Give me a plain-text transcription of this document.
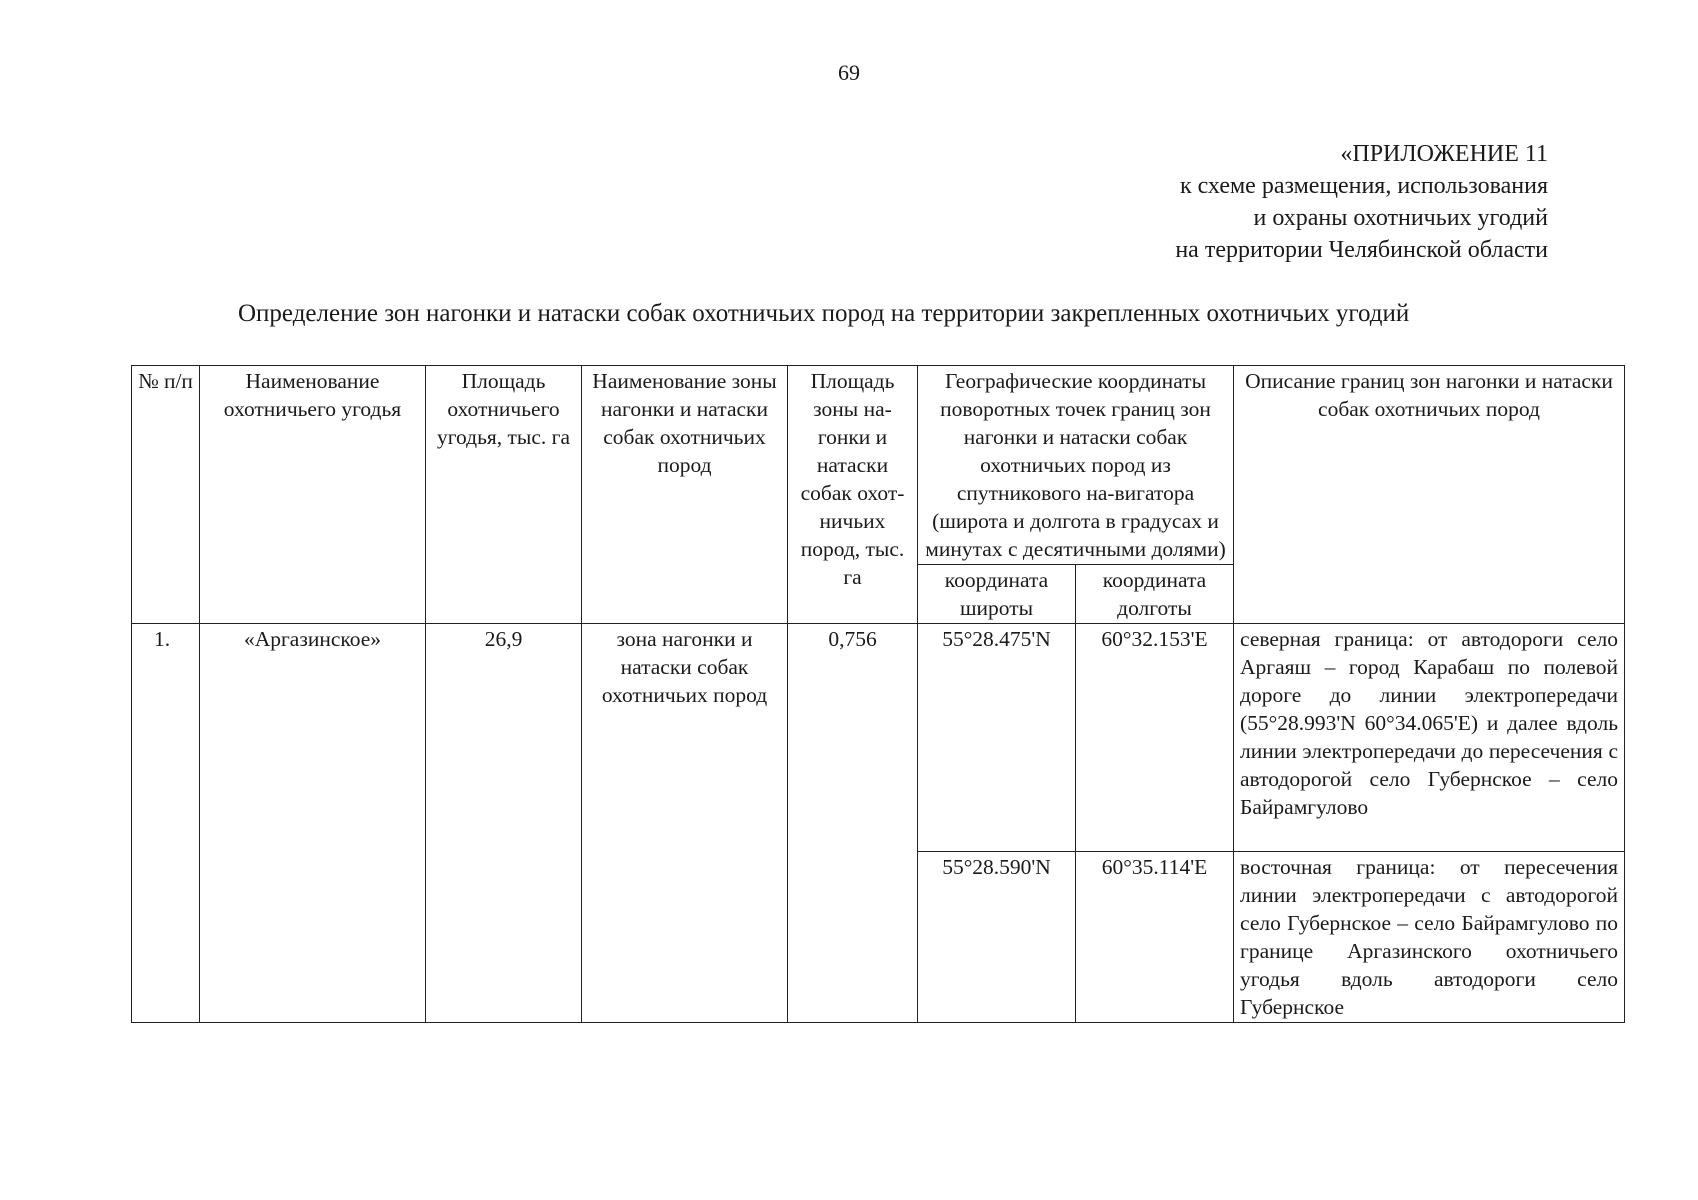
69
«ПРИЛОЖЕНИЕ 11
к схеме размещения, использования
и охраны охотничьих угодий
на территории Челябинской области
Определение зон нагонки и натаски собак охотничьих пород на территории закрепленных охотничьих угодий
№ п/п	Наименование охотничьего угодья	Площадь охотничьего угодья, тыс. га	Наименование зоны нагонки и натаски собак охотничьих пород	Площадь зоны на-гонки и натаски собак охот-ничьих пород, тыс. га	Географические координаты поворотных точек границ зон нагонки и натаски собак охотничьих пород из спутникового на-вигатора (широта и долгота в градусах и минутах с десятичными долями)		Описание границ зон нагонки и натаски собак охотничьих пород
					координата широты	координата долготы	
1.	«Аргазинское»	26,9	зона нагонки и натаски собак охотничьих пород	0,756	55°28.475'N	60°32.153'E	северная граница: от автодороги село Аргаяш – город Карабаш по полевой дороге до линии электропередачи (55°28.993'N 60°34.065'E) и далее вдоль линии электропередачи до пересечения с автодорогой село Губернское – село Байрамгулово
					55°28.590'N	60°35.114'E	восточная граница: от пересечения линии электропередачи с автодорогой село Губернское – село Байрамгулово по границе Аргазинского охотничьего угодья вдоль автодороги село Губернское
